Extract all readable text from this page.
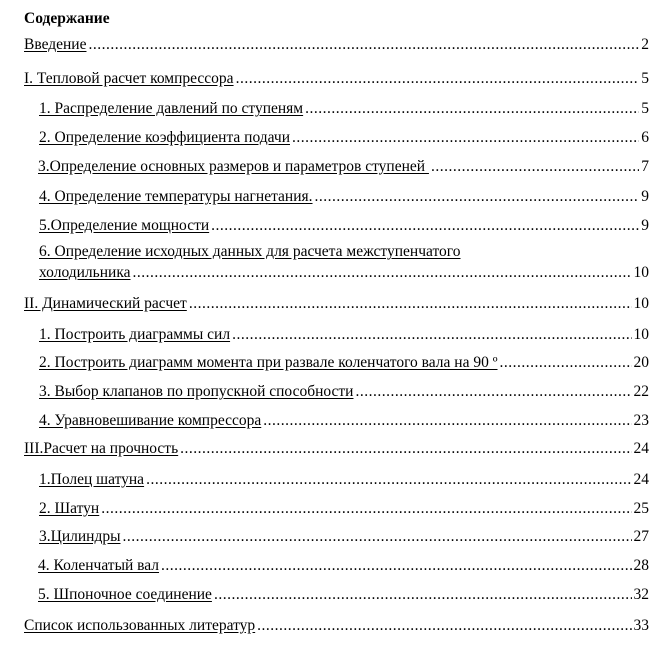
Содержание
Введение .....	2
I. Тепловой расчет компрессора .....	5
1. Распределение давлений по ступеням .....	5
2. Определение коэффициента подачи .....	6
3.Определение основных размеров и параметров ступеней .....	7
4. Определение температуры нагнетания. .....	9
5.Определение мощности .....	9
6. Определение исходных данных для расчета межступенчатого
холодильника .....	10
II. Динамический расчет .....	10
1. Построить диаграммы сил .....	10
2. Построить диаграмм момента при развале коленчатого вала на 90 º .....	20
3. Выбор клапанов по пропускной способности .....	22
4. Уравновешивание компрессора .....	23
III.Расчет на прочность .....	24
1.Полец шатуна .....	24
2. Шатун .....	25
3.Цилиндры .....	27
4. Коленчатый вал .....	28
5. Шпоночное соединение .....	32
Список использованных литератур .....	33
